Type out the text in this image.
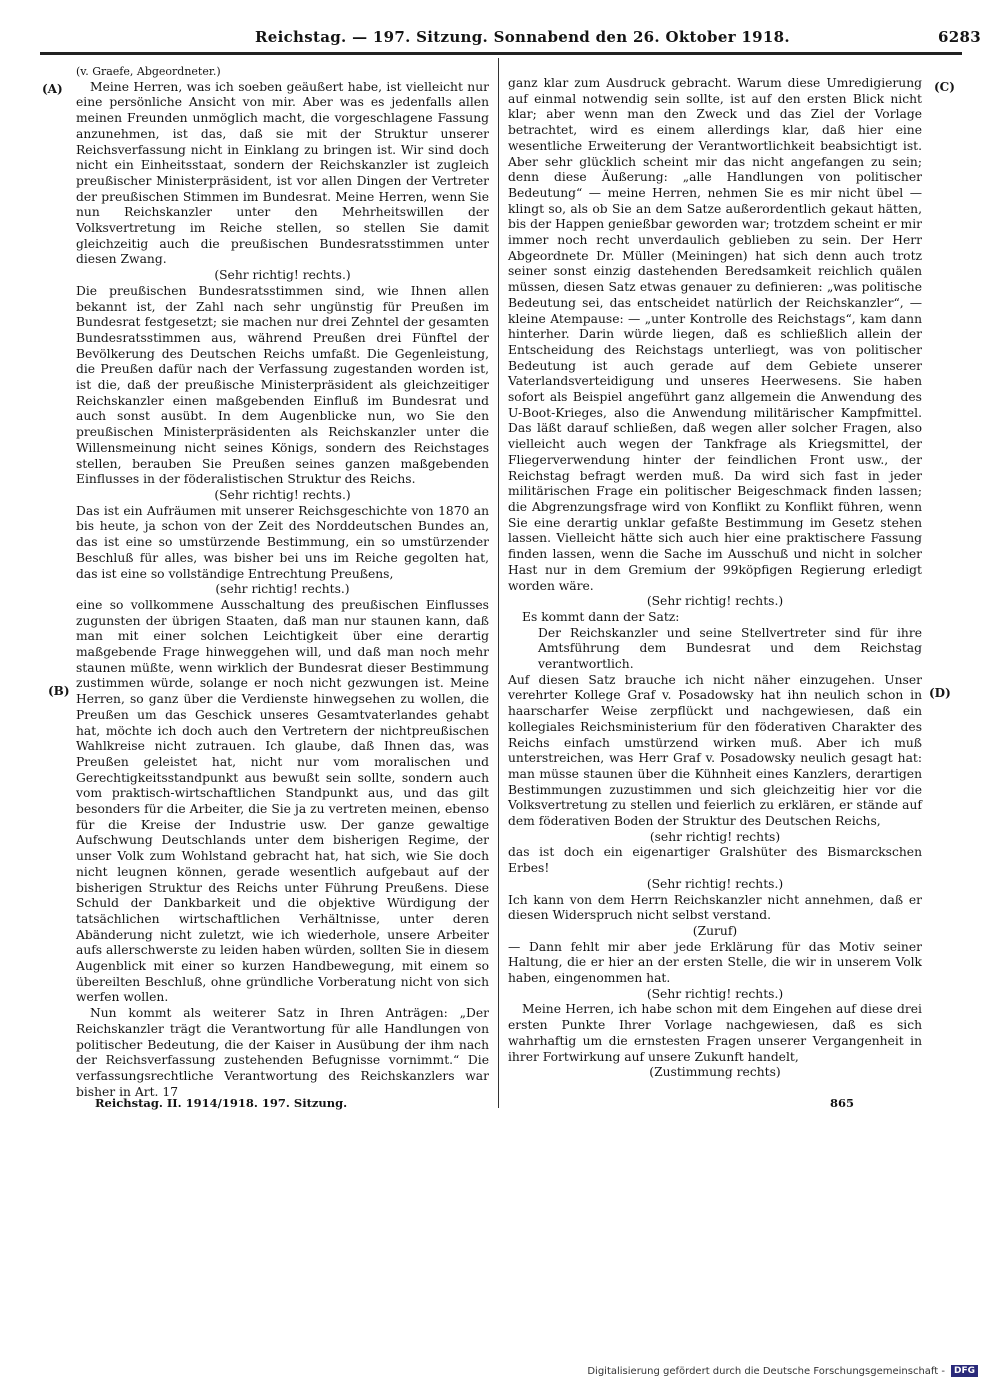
Reichstag. — 197. Sitzung. Sonnabend den 26. Oktober 1918.	6283
(A)
(B)
(C)
(D)

(v. Graefe, Abgeordneter.)

Meine Herren, was ich soeben geäußert habe, ist vielleicht nur eine persönliche Ansicht von mir. Aber was es jedenfalls allen meinen Freunden unmöglich macht, die vorgeschlagene Fassung anzunehmen, ist das, daß sie mit der Struktur unserer Reichsverfassung nicht in Einklang zu bringen ist. Wir sind doch nicht ein Einheitsstaat, sondern der Reichskanzler ist zugleich preußischer Ministerpräsident, ist vor allen Dingen der Vertreter der preußischen Stimmen im Bundesrat. Meine Herren, wenn Sie nun Reichskanzler unter den Mehrheitswillen der Volksvertretung im Reiche stellen, so stellen Sie damit gleichzeitig auch die preußischen Bundesratsstimmen unter diesen Zwang.

(Sehr richtig! rechts.)

Die preußischen Bundesratsstimmen sind, wie Ihnen allen bekannt ist, der Zahl nach sehr ungünstig für Preußen im Bundesrat festgesetzt; sie machen nur drei Zehntel der gesamten Bundesratsstimmen aus, während Preußen drei Fünftel der Bevölkerung des Deutschen Reichs umfaßt. Die Gegenleistung, die Preußen dafür nach der Verfassung zugestanden worden ist, ist die, daß der preußische Ministerpräsident als gleichzeitiger Reichskanzler einen maßgebenden Einfluß im Bundesrat und auch sonst ausübt. In dem Augenblicke nun, wo Sie den preußischen Ministerpräsidenten als Reichskanzler unter die Willensmeinung nicht seines Königs, sondern des Reichstages stellen, berauben Sie Preußen seines ganzen maßgebenden Einflusses in der föderalistischen Struktur des Reichs.

(Sehr richtig! rechts.)

Das ist ein Aufräumen mit unserer Reichsgeschichte von 1870 an bis heute, ja schon von der Zeit des Norddeutschen Bundes an, das ist eine so umstürzende Bestimmung, ein so umstürzender Beschluß für alles, was bisher bei uns im Reiche gegolten hat, das ist eine so vollständige Entrechtung Preußens,

(sehr richtig! rechts.)

eine so vollkommene Ausschaltung des preußischen Einflusses zugunsten der übrigen Staaten, daß man nur staunen kann, daß man mit einer solchen Leichtigkeit über eine derartig maßgebende Frage hinweggehen will, und daß man noch mehr staunen müßte, wenn wirklich der Bundesrat dieser Bestimmung zustimmen würde, solange er noch nicht gezwungen ist. Meine Herren, so ganz über die Verdienste hinwegsehen zu wollen, die Preußen um das Geschick unseres Gesamtvaterlandes gehabt hat, möchte ich doch auch den Vertretern der nichtpreußischen Wahlkreise nicht zutrauen. Ich glaube, daß Ihnen das, was Preußen geleistet hat, nicht nur vom moralischen und Gerechtigkeitsstandpunkt aus bewußt sein sollte, sondern auch vom praktisch-wirtschaftlichen Standpunkt aus, und das gilt besonders für die Arbeiter, die Sie ja zu vertreten meinen, ebenso für die Kreise der Industrie usw. Der ganze gewaltige Aufschwung Deutschlands unter dem bisherigen Regime, der unser Volk zum Wohlstand gebracht hat, hat sich, wie Sie doch nicht leugnen können, gerade wesentlich aufgebaut auf der bisherigen Struktur des Reichs unter Führung Preußens. Diese Schuld der Dankbarkeit und die objektive Würdigung der tatsächlichen wirtschaftlichen Verhältnisse, unter deren Abänderung nicht zuletzt, wie ich wiederhole, unsere Arbeiter aufs allerschwerste zu leiden haben würden, sollten Sie in diesem Augenblick mit einer so kurzen Handbewegung, mit einem so übereilten Beschluß, ohne gründliche Vorberatung nicht von sich werfen wollen.

Nun kommt als weiterer Satz in Ihren Anträgen: „Der Reichskanzler trägt die Verantwortung für alle Handlungen von politischer Bedeutung, die der Kaiser in Ausübung der ihm nach der Reichsverfassung zustehenden Befugnisse vornimmt.“ Die verfassungsrechtliche Verantwortung des Reichskanzlers war bisher in Art. 17

ganz klar zum Ausdruck gebracht. Warum diese Umredigierung auf einmal notwendig sein sollte, ist auf den ersten Blick nicht klar; aber wenn man den Zweck und das Ziel der Vorlage betrachtet, wird es einem allerdings klar, daß hier eine wesentliche Erweiterung der Verantwortlichkeit beabsichtigt ist. Aber sehr glücklich scheint mir das nicht angefangen zu sein; denn diese Äußerung: „alle Handlungen von politischer Bedeutung“ — meine Herren, nehmen Sie es mir nicht übel — klingt so, als ob Sie an dem Satze außerordentlich gekaut hätten, bis der Happen genießbar geworden war; trotzdem scheint er mir immer noch recht unverdaulich geblieben zu sein. Der Herr Abgeordnete Dr. Müller (Meiningen) hat sich denn auch trotz seiner sonst einzig dastehenden Beredsamkeit reichlich quälen müssen, diesen Satz etwas genauer zu definieren: „was politische Bedeutung sei, das entscheidet natürlich der Reichskanzler“, — kleine Atempause: — „unter Kontrolle des Reichstags“, kam dann hinterher. Darin würde liegen, daß es schließlich allein der Entscheidung des Reichstags unterliegt, was von politischer Bedeutung ist auch gerade auf dem Gebiete unserer Vaterlandsverteidigung und unseres Heerwesens. Sie haben sofort als Beispiel angeführt ganz allgemein die Anwendung des U-Boot-Krieges, also die Anwendung militärischer Kampfmittel. Das läßt darauf schließen, daß wegen aller solcher Fragen, also vielleicht auch wegen der Tankfrage als Kriegsmittel, der Fliegerverwendung hinter der feindlichen Front usw., der Reichstag befragt werden muß. Da wird sich fast in jeder militärischen Frage ein politischer Beigeschmack finden lassen; die Abgrenzungsfrage wird von Konflikt zu Konflikt führen, wenn Sie eine derartig unklar gefaßte Bestimmung im Gesetz stehen lassen. Vielleicht hätte sich auch hier eine praktischere Fassung finden lassen, wenn die Sache im Ausschuß und nicht in solcher Hast nur in dem Gremium der 99köpfigen Regierung erledigt worden wäre.

(Sehr richtig! rechts.)

Es kommt dann der Satz:

Der Reichskanzler und seine Stellvertreter sind für ihre Amtsführung dem Bundesrat und dem Reichstag verantwortlich.

Auf diesen Satz brauche ich nicht näher einzugehen. Unser verehrter Kollege Graf v. Posadowsky hat ihn neulich schon in haarscharfer Weise zerpflückt und nachgewiesen, daß ein kollegiales Reichsministerium für den föderativen Charakter des Reichs einfach umstürzend wirken muß. Aber ich muß unterstreichen, was Herr Graf v. Posadowsky neulich gesagt hat: man müsse staunen über die Kühnheit eines Kanzlers, derartigen Bestimmungen zuzustimmen und sich gleichzeitig hier vor die Volksvertretung zu stellen und feierlich zu erklären, er stände auf dem föderativen Boden der Struktur des Deutschen Reichs,

(sehr richtig! rechts)

das ist doch ein eigenartiger Gralshüter des Bismarckschen Erbes!

(Sehr richtig! rechts.)

Ich kann von dem Herrn Reichskanzler nicht annehmen, daß er diesen Widerspruch nicht selbst verstand.

(Zuruf)

— Dann fehlt mir aber jede Erklärung für das Motiv seiner Haltung, die er hier an der ersten Stelle, die wir in unserem Volk haben, eingenommen hat.

(Sehr richtig! rechts.)

Meine Herren, ich habe schon mit dem Eingehen auf diese drei ersten Punkte Ihrer Vorlage nachgewiesen, daß es sich wahrhaftig um die ernstesten Fragen unserer Vergangenheit in ihrer Fortwirkung auf unsere Zukunft handelt,

(Zustimmung rechts)

Reichstag. II. 1914/1918. 197. Sitzung.	865
Digitalisierung gefördert durch die Deutsche Forschungsgemeinschaft - DFG
